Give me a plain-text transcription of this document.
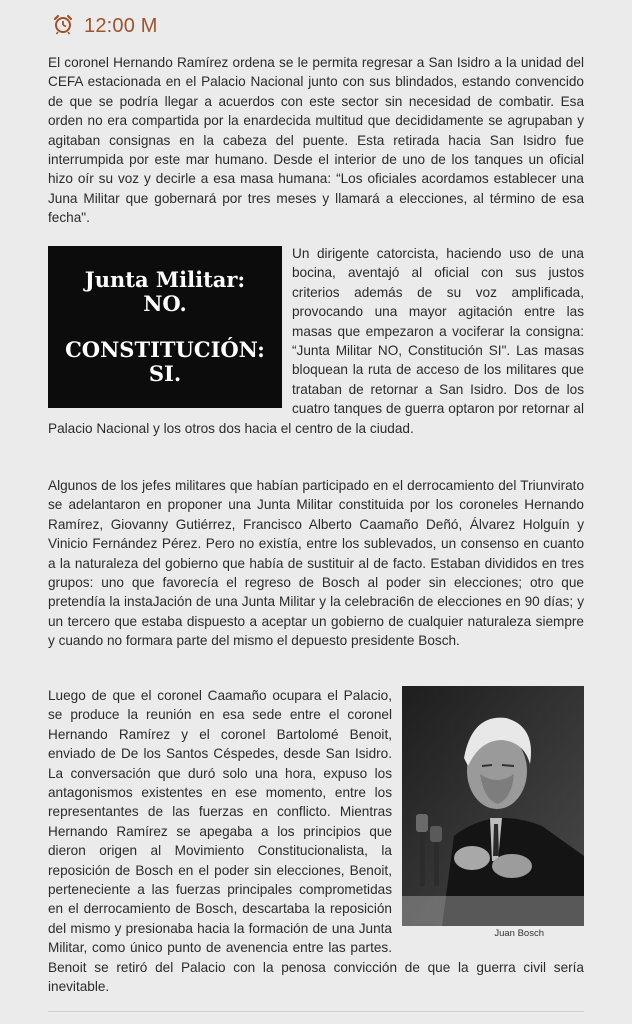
12:00 M

El coronel Hernando Ramírez ordena se le permita regresar a San Isidro a la unidad del CEFA estacionada en el Palacio Nacional junto con sus blindados, estando convencido de que se podría llegar a acuerdos con este sector sin necesidad de combatir. Esa orden no era compartida por la enardecida multitud que decididamente se agrupaban y agitaban consignas en la cabeza del puente. Esta retirada hacia San Isidro fue interrumpida por este mar humano. Desde el interior de uno de los tanques un oficial hizo oír su voz y decirle a esa masa humana: “Los oficiales acordamos establecer una Juna Militar que gobernará por tres meses y llamará a elecciones, al término de esa fecha".

Junta Militar:
NO.
CONSTITUCIÓN:
SI.
Un dirigente catorcista, haciendo uso de una bocina, aventajó al oficial con sus justos criterios además de su voz amplificada, provocando una mayor agitación entre las masas que empezaron a vociferar la consigna: “Junta Militar NO, Constitución SI". Las masas bloquean la ruta de acceso de los militares que trataban de retornar a San Isidro. Dos de los cuatro tanques de guerra optaron por retornar al Palacio Nacional y los otros dos hacia el centro de la ciudad.

Algunos de los jefes militares que habían participado en el derrocamiento del Triunvirato se adelantaron en proponer una Junta Militar constituida por los coroneles Hernando Ramírez, Giovanny Gutiérrez, Francisco Alberto Caamaño Deñó, Álvarez Holguín y Vinicio Fernández Pérez. Pero no existía, entre los sublevados, un consenso en cuanto a la naturaleza del gobierno que había de sustituir al de facto. Estaban divididos en tres grupos: uno que favorecía el regreso de Bosch al poder sin elecciones; otro que pretendía la instaJación de una Junta Militar y la celebraci6n de elecciones en 90 días; y un tercero que estaba dispuesto a aceptar un gobierno de cualquier naturaleza siempre y cuando no formara parte del mismo el depuesto presidente Bosch.

Juan Bosch
Luego de que el coronel Caamaño ocupara el Palacio, se produce la reunión en esa sede entre el coronel Hernando Ramírez y el coronel Bartolomé Benoit, enviado de De los Santos Céspedes, desde San Isidro. La conversación que duró solo una hora, expuso los antagonismos existentes en ese momento, entre los representantes de las fuerzas en conflicto. Mientras Hernando Ramírez se apegaba a los principios que dieron origen al Movimiento Constitucionalista, la reposición de Bosch en el poder sin elecciones, Benoit, perteneciente a las fuerzas principales comprometidas en el derrocamiento de Bosch, descartaba la reposición del mismo y presionaba hacia la formación de una Junta Militar, como único punto de avenencia entre las partes. Benoit se retiró del Palacio con la penosa convicción de que la guerra civil sería inevitable.
